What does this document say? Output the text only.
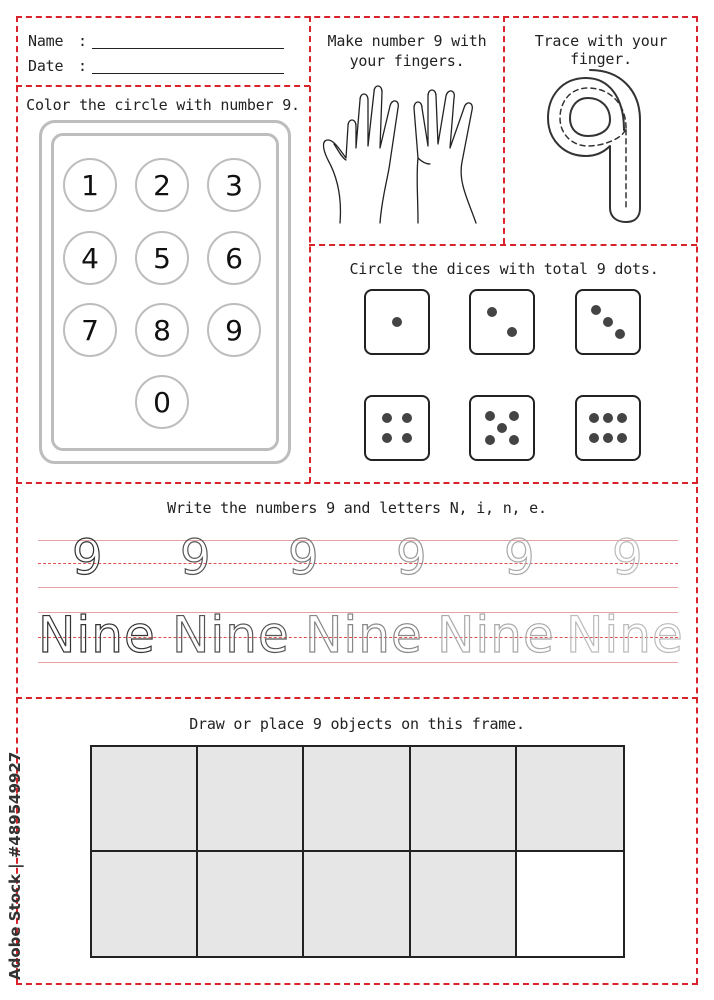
Name :
Date :
Make number 9 with
your fingers.
Trace with your finger.
Color the circle with number 9.
1	2	3
4	5	6
7	8	9
0
Circle the dices with total 9 dots.
Write the numbers 9 and letters N, i, n, e.
9 9 9 9 9 9
Nine Nine Nine Nine Nine
Draw or place 9 objects on this frame.
Adobe Stock | #489549927
